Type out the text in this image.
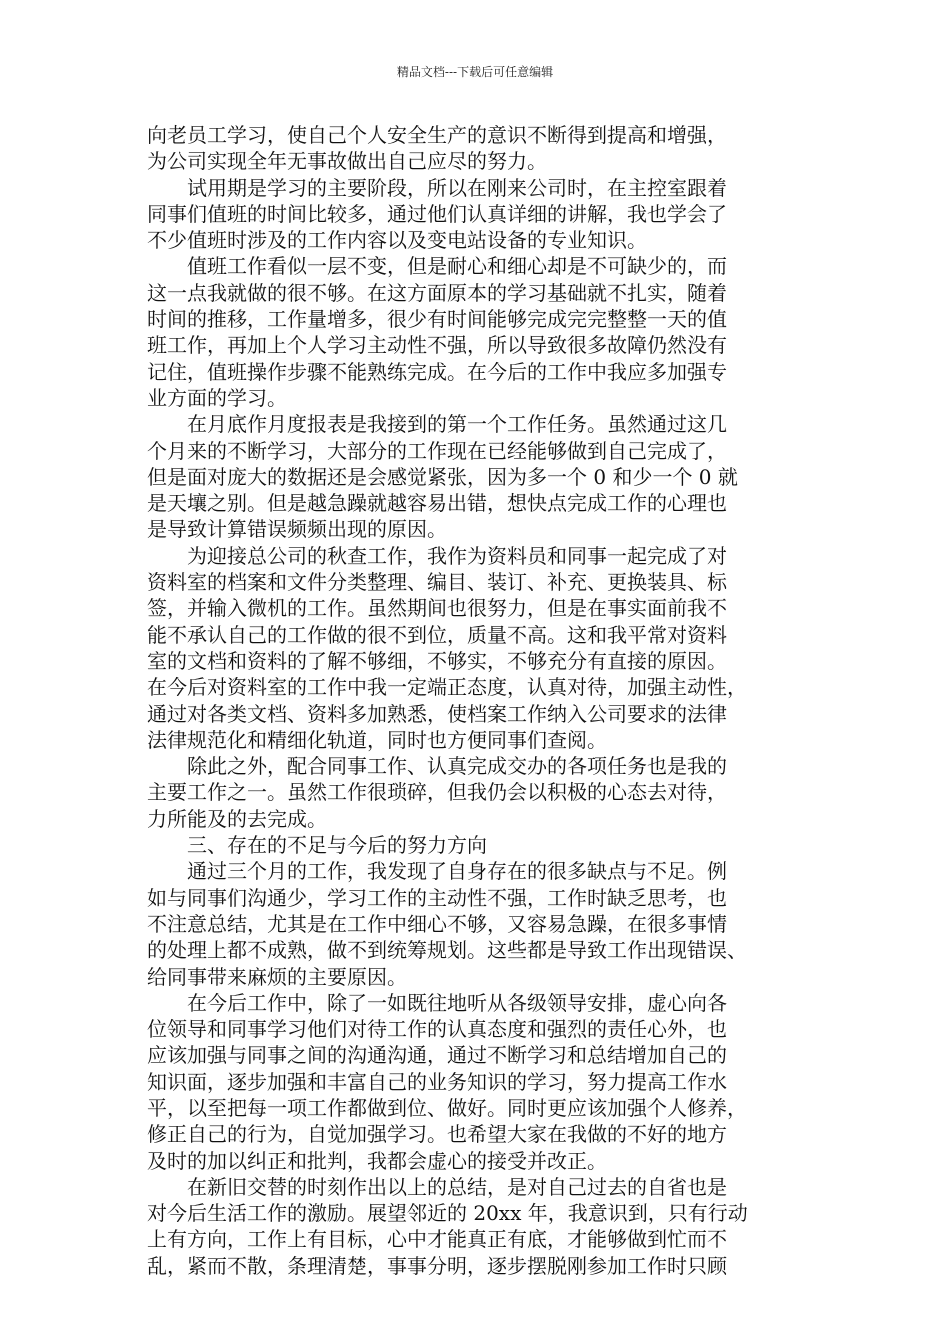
精品文档---下载后可任意编辑
向老员工学习，使自己个人安全生产的意识不断得到提高和增强，
为公司实现全年无事故做出自己应尽的努力。
　　试用期是学习的主要阶段，所以在刚来公司时，在主控室跟着
同事们值班的时间比较多，通过他们认真详细的讲解，我也学会了
不少值班时涉及的工作内容以及变电站设备的专业知识。
　　值班工作看似一层不变，但是耐心和细心却是不可缺少的，而
这一点我就做的很不够。在这方面原本的学习基础就不扎实，随着
时间的推移，工作量增多，很少有时间能够完成完完整整一天的值
班工作，再加上个人学习主动性不强，所以导致很多故障仍然没有
记住，值班操作步骤不能熟练完成。在今后的工作中我应多加强专
业方面的学习。
　　在月底作月度报表是我接到的第一个工作任务。虽然通过这几
个月来的不断学习，大部分的工作现在已经能够做到自己完成了，
但是面对庞大的数据还是会感觉紧张，因为多一个 0 和少一个 0 就
是天壤之别。但是越急躁就越容易出错，想快点完成工作的心理也
是导致计算错误频频出现的原因。
　　为迎接总公司的秋查工作，我作为资料员和同事一起完成了对
资料室的档案和文件分类整理、编目、装订、补充、更换装具、标
签，并输入微机的工作。虽然期间也很努力，但是在事实面前我不
能不承认自己的工作做的很不到位，质量不高。这和我平常对资料
室的文档和资料的了解不够细，不够实，不够充分有直接的原因。
在今后对资料室的工作中我一定端正态度，认真对待，加强主动性，
通过对各类文档、资料多加熟悉，使档案工作纳入公司要求的法律
法律规范化和精细化轨道，同时也方便同事们查阅。
　　除此之外，配合同事工作、认真完成交办的各项任务也是我的
主要工作之一。虽然工作很琐碎，但我仍会以积极的心态去对待，
力所能及的去完成。
　　三、存在的不足与今后的努力方向
　　通过三个月的工作，我发现了自身存在的很多缺点与不足。例
如与同事们沟通少，学习工作的主动性不强，工作时缺乏思考，也
不注意总结，尤其是在工作中细心不够，又容易急躁，在很多事情
的处理上都不成熟，做不到统筹规划。这些都是导致工作出现错误、
给同事带来麻烦的主要原因。
　　在今后工作中，除了一如既往地听从各级领导安排，虚心向各
位领导和同事学习他们对待工作的认真态度和强烈的责任心外，也
应该加强与同事之间的沟通沟通，通过不断学习和总结增加自己的
知识面，逐步加强和丰富自己的业务知识的学习，努力提高工作水
平，以至把每一项工作都做到位、做好。同时更应该加强个人修养，
修正自己的行为，自觉加强学习。也希望大家在我做的不好的地方
及时的加以纠正和批判，我都会虚心的接受并改正。
　　在新旧交替的时刻作出以上的总结，是对自己过去的自省也是
对今后生活工作的激励。展望邻近的 20xx 年，我意识到，只有行动
上有方向，工作上有目标，心中才能真正有底，才能够做到忙而不
乱，紧而不散，条理清楚，事事分明，逐步摆脱刚参加工作时只顾
